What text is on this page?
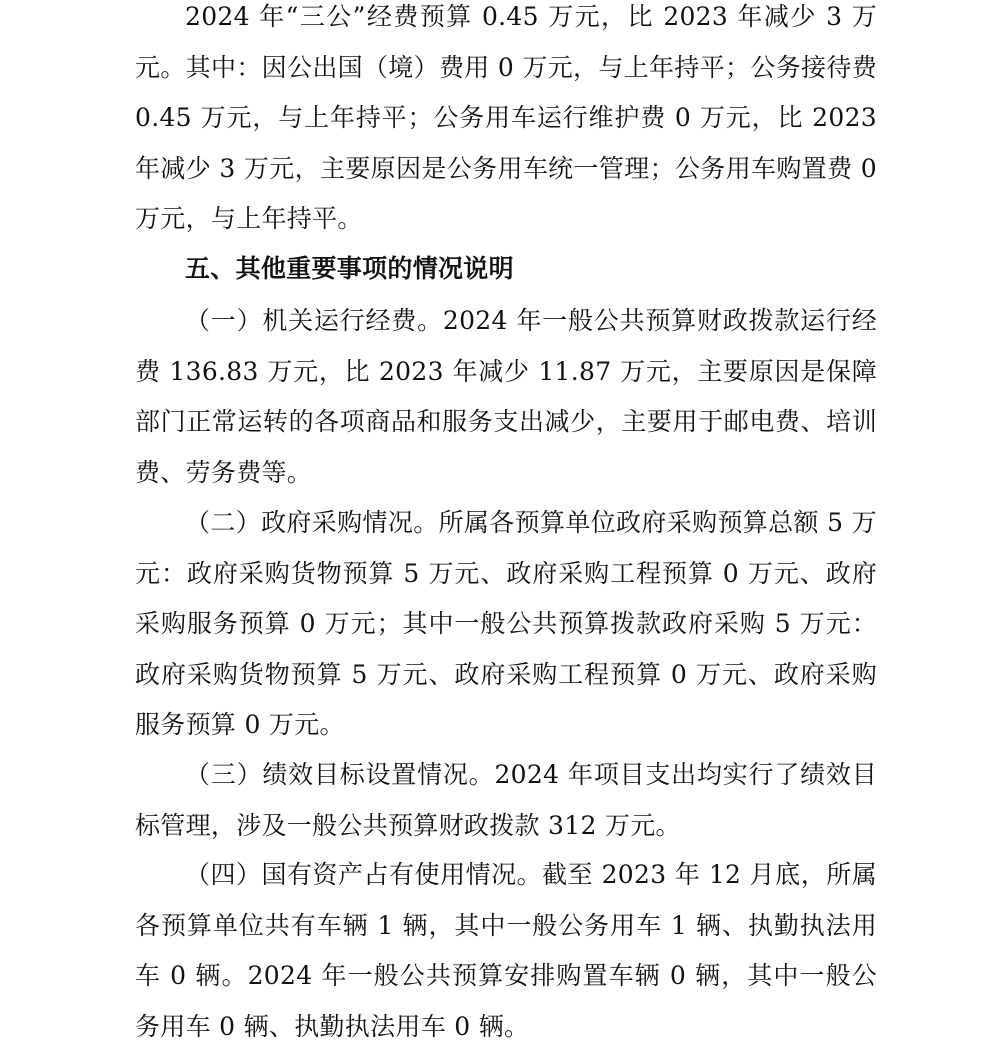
2024 年“三公”经费预算 0.45 万元，比 2023 年减少 3 万元。其中：因公出国（境）费用 0 万元，与上年持平；公务接待费 0.45 万元，与上年持平；公务用车运行维护费 0 万元，比 2023 年减少 3 万元，主要原因是公务用车统一管理；公务用车购置费 0 万元，与上年持平。

五、其他重要事项的情况说明

（一）机关运行经费。2024 年一般公共预算财政拨款运行经费 136.83 万元，比 2023 年减少 11.87 万元，主要原因是保障部门正常运转的各项商品和服务支出减少，主要用于邮电费、培训费、劳务费等。

（二）政府采购情况。所属各预算单位政府采购预算总额 5 万元：政府采购货物预算 5 万元、政府采购工程预算 0 万元、政府采购服务预算 0 万元；其中一般公共预算拨款政府采购 5 万元：政府采购货物预算 5 万元、政府采购工程预算 0 万元、政府采购服务预算 0 万元。

（三）绩效目标设置情况。2024 年项目支出均实行了绩效目标管理，涉及一般公共预算财政拨款 312 万元。

（四）国有资产占有使用情况。截至 2023 年 12 月底，所属各预算单位共有车辆 1 辆，其中一般公务用车 1 辆、执勤执法用车 0 辆。2024 年一般公共预算安排购置车辆 0 辆，其中一般公务用车 0 辆、执勤执法用车 0 辆。
